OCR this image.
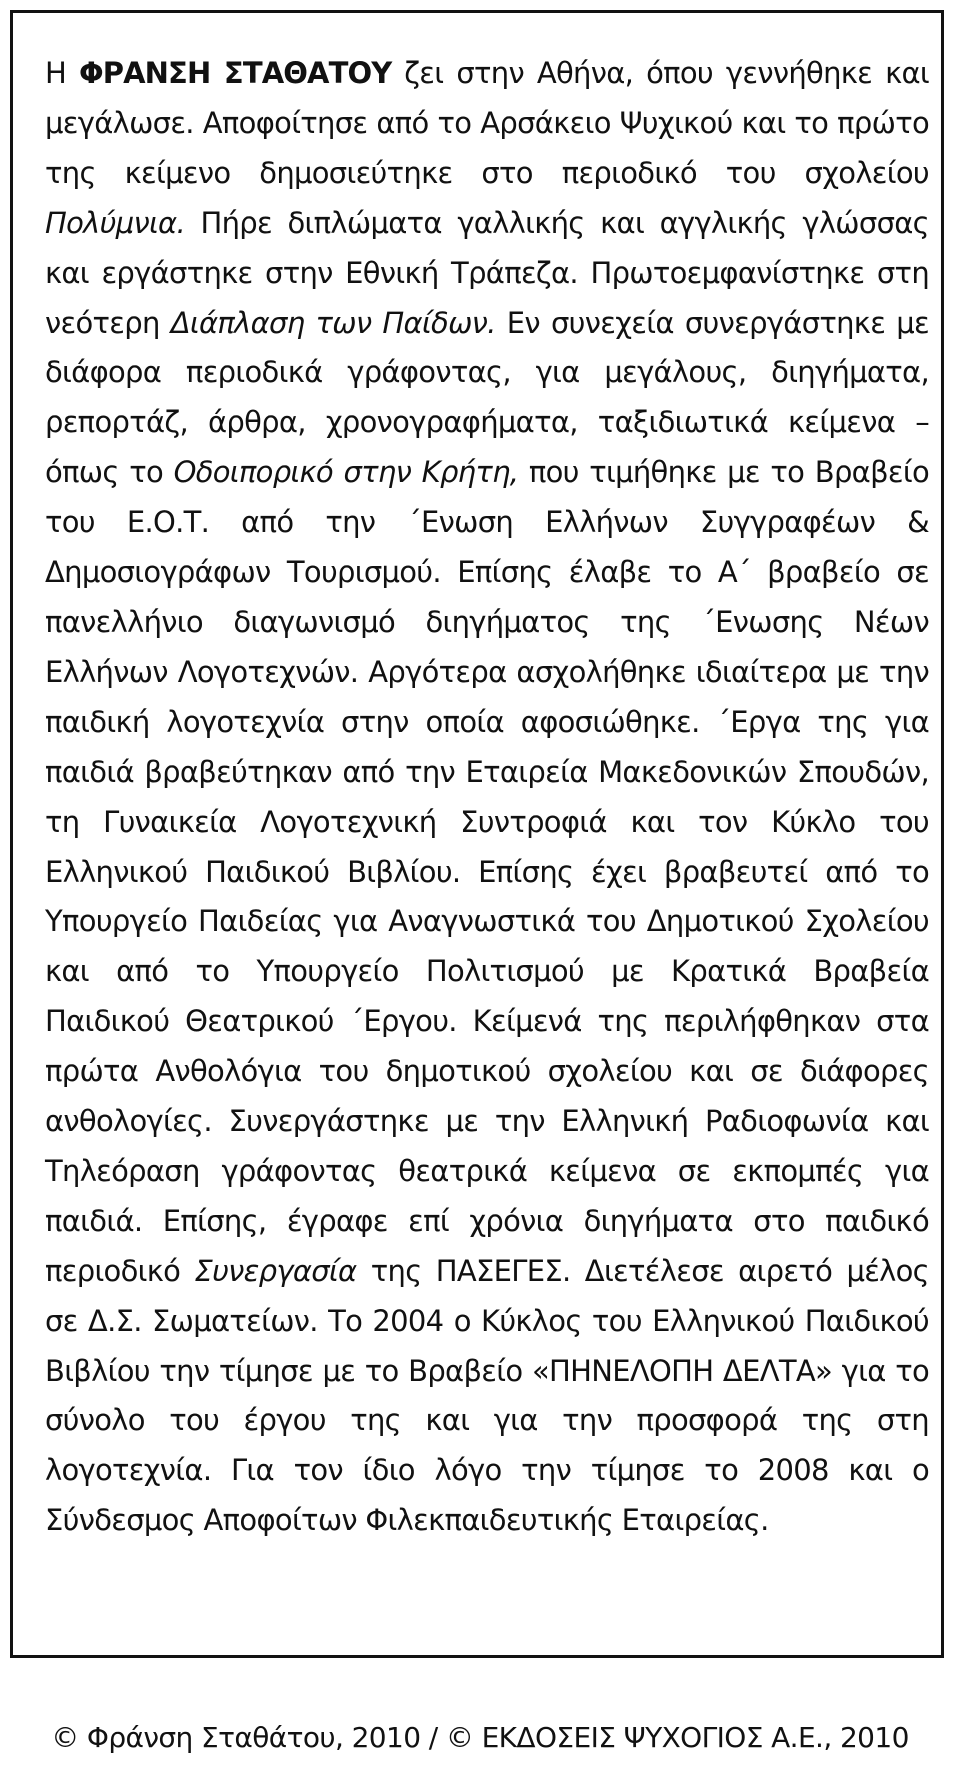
Η ΦΡΑΝΣΗ ΣΤΑΘΑΤΟΥ ζει στην Αθήνα, όπου γεννήθηκε και μεγάλωσε. Αποφοίτησε από το Αρσάκειο Ψυχικού και το πρώτο της κείμενο δημοσιεύτηκε στο περιοδικό του σχολείου Πολύμνια. Πήρε διπλώματα γαλλικής και αγγλικής γλώσσας και εργάστηκε στην Εθνική Τράπεζα. Πρωτοεμφανίστηκε στη νεότερη Διάπλαση των Παίδων. Εν συνεχεία συνεργάστηκε με διάφορα περιοδικά γράφοντας, για μεγάλους, διηγήματα, ρεπορτάζ, άρθρα, χρονογραφήματα, ταξιδιωτικά κείμενα – όπως το Οδοιπορικό στην Κρήτη, που τιμήθηκε με το Βραβείο του Ε.Ο.Τ. από την ΄Ενωση Ελλήνων Συγγραφέων & Δημοσιογράφων Τουρισμού. Επίσης έλαβε το Α΄ βραβείο σε πανελλήνιο διαγωνισμό διηγήματος της ΄Ενωσης Νέων Ελλήνων Λογοτεχνών. Αργότερα ασχολήθηκε ιδιαίτερα με την παιδική λογοτεχνία στην οποία αφοσιώθηκε. ΄Εργα της για παιδιά βραβεύτηκαν από την Εταιρεία Μακεδονικών Σπουδών, τη Γυναικεία Λογοτεχνική Συντροφιά και τον Κύκλο του Ελληνικού Παιδικού Βιβλίου. Επίσης έχει βραβευτεί από το Υπουργείο Παιδείας για Αναγνωστικά του Δημοτικού Σχολείου και από το Υπουργείο Πολιτισμού με Κρατικά Βραβεία Παιδικού Θεατρικού ΄Εργου. Κείμενά της περιλήφθηκαν στα πρώτα Ανθολόγια του δημοτικού σχολείου και σε διάφορες ανθολογίες. Συνεργάστηκε με την Ελληνική Ραδιοφωνία και Τηλεόραση γράφοντας θεατρικά κείμενα σε εκπομπές για παιδιά. Επίσης, έγραφε επί χρόνια διηγήματα στο παιδικό περιοδικό Συνεργασία της ΠΑΣΕΓΕΣ. Διετέλεσε αιρετό μέλος σε Δ.Σ. Σωματείων. Το 2004 ο Κύκλος του Ελληνικού Παιδικού Βιβλίου την τίμησε με το Βραβείο «ΠΗΝΕΛΟΠΗ ΔΕΛΤΑ» για το σύνολο του έργου της και για την προσφορά της στη λογοτεχνία. Για τον ίδιο λόγο την τίμησε το 2008 και ο Σύνδεσμος Αποφοίτων Φιλεκπαιδευτικής Εταιρείας.

© Φράνση Σταθάτου, 2010 / © ΕΚΔΟΣΕΙΣ ΨΥΧΟΓΙΟΣ Α.Ε., 2010
